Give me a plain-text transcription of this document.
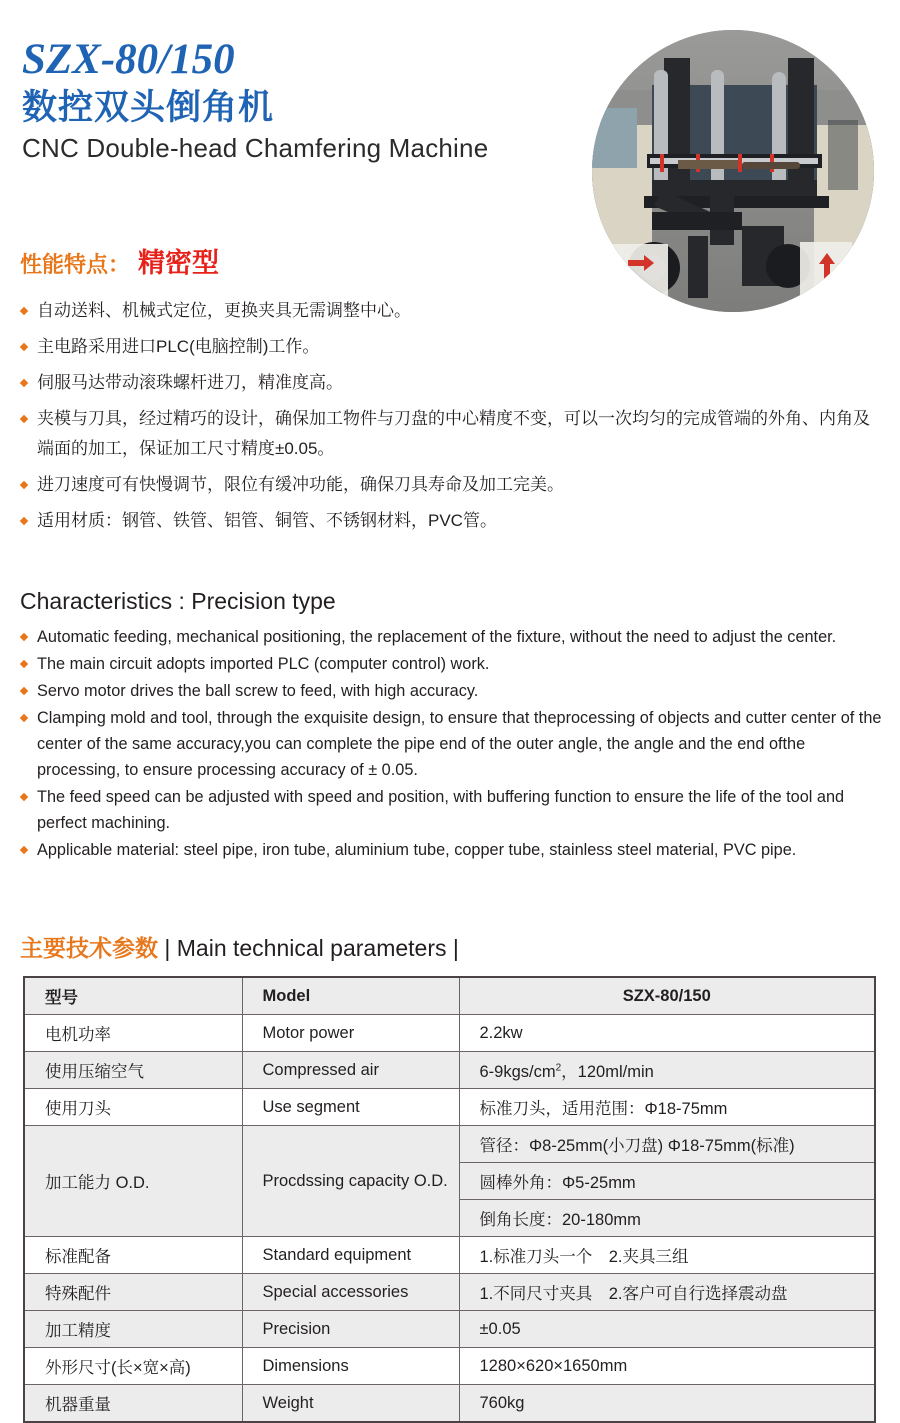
SZX-80/150
数控双头倒角机
CNC Double-head Chamfering Machine
性能特点： 精密型
自动送料、机械式定位，更换夹具无需调整中心。
主电路采用进口PLC(电脑控制)工作。
伺服马达带动滚珠螺杆进刀，精准度高。
夹模与刀具，经过精巧的设计，确保加工物件与刀盘的中心精度不变，可以一次均匀的完成管端的外角、内角及端面的加工，保证加工尺寸精度±0.05。
进刀速度可有快慢调节，限位有缓冲功能，确保刀具寿命及加工完美。
适用材质：钢管、铁管、铝管、铜管、不锈钢材料，PVC管。
Characteristics : Precision type
Automatic feeding, mechanical positioning, the replacement of the fixture, without the need to adjust the center.
The main circuit adopts imported PLC (computer control) work.
Servo motor drives the ball screw to feed, with high accuracy.
Clamping mold and tool, through the exquisite design, to ensure that theprocessing of objects and cutter center of the center of the same accuracy,you can complete the pipe end of the outer angle, the angle and the end ofthe processing, to ensure processing accuracy of ± 0.05.
The feed speed can be adjusted with speed and position, with buffering function to ensure the life of the tool and perfect machining.
Applicable material: steel pipe, iron tube, aluminium tube, copper tube, stainless steel material, PVC pipe.
主要技术参数 | Main technical parameters |
型号	Model	SZX-80/150
电机功率	Motor power	2.2kw
使用压缩空气	Compressed air	$6-9kgs/cm^2$，120ml/min
使用刀头	Use segment	标准刀头，适用范围：Φ18-75mm
加工能力 O.D.	Procdssing capacity O.D.	管径：Φ8-25mm(小刀盘) Φ18-75mm(标准)
		圆棒外角：Φ5-25mm
		倒角长度：20-180mm
标准配备	Standard equipment	1.标准刀头一个　2.夹具三组
特殊配件	Special accessories	1.不同尺寸夹具　2.客户可自行选择震动盘
加工精度	Precision	±0.05
外形尺寸(长×宽×高)	Dimensions	1280×620×1650mm
机器重量	Weight	760kg
